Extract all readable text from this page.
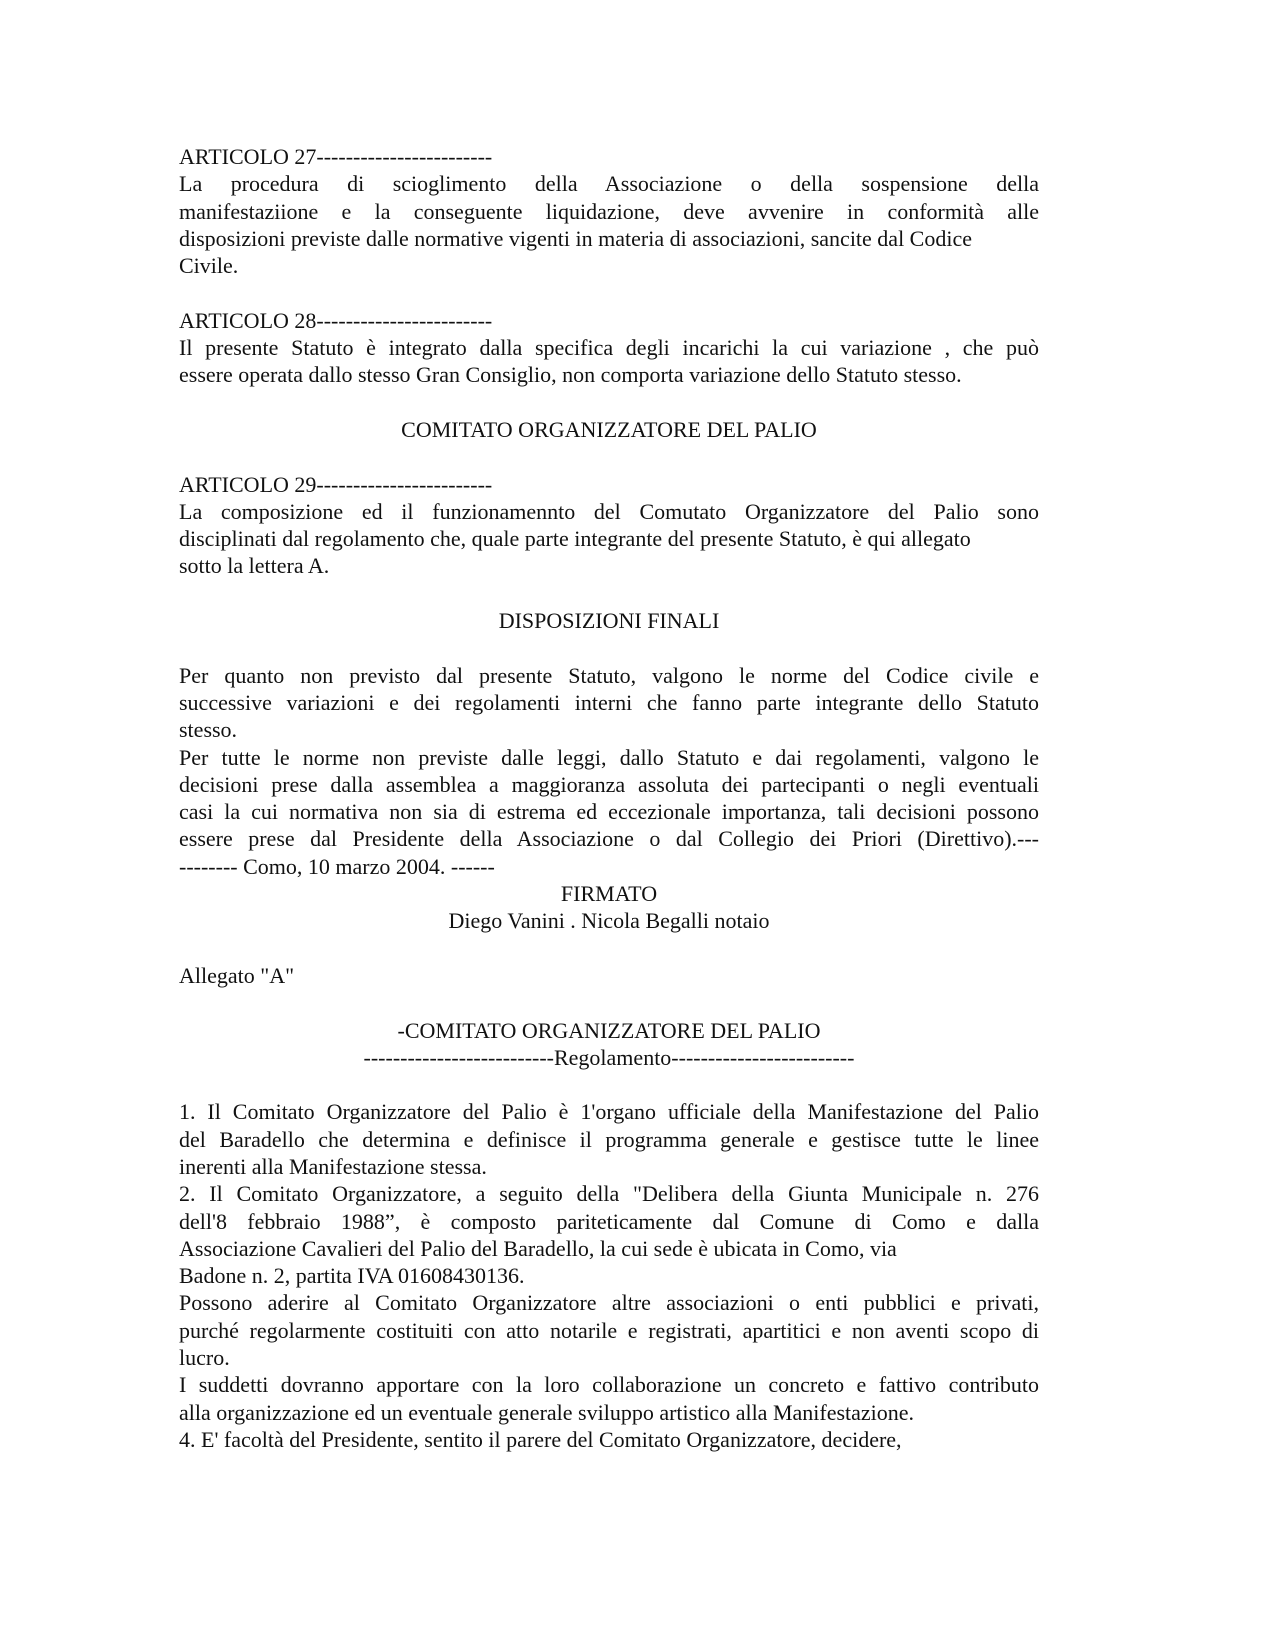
ARTICOLO 27------------------------
La procedura di scioglimento della Associazione o della sospensione della
manifestaziione e la conseguente liquidazione, deve avvenire in conformità alle
disposizioni previste dalle normative vigenti in materia di associazioni, sancite dal Codice
Civile.
ARTICOLO 28------------------------
Il presente Statuto è integrato dalla specifica degli incarichi la cui variazione , che può
essere operata dallo stesso Gran Consiglio, non comporta variazione dello Statuto stesso.
COMITATO ORGANIZZATORE DEL PALIO
ARTICOLO 29------------------------
La composizione ed il funzionamennto del Comutato Organizzatore del Palio sono
disciplinati dal regolamento che, quale parte integrante del presente Statuto, è qui allegato
sotto la lettera A.
DISPOSIZIONI FINALI
Per quanto non previsto dal presente Statuto, valgono le norme del Codice civile e
successive variazioni e dei regolamenti interni che fanno parte integrante dello Statuto
stesso.
Per tutte le norme non previste dalle leggi, dallo Statuto e dai regolamenti, valgono le
decisioni prese dalla assemblea a maggioranza assoluta dei partecipanti o negli eventuali
casi la cui normativa non sia di estrema ed eccezionale importanza, tali decisioni possono
essere prese dal Presidente della Associazione o dal Collegio dei Priori (Direttivo).---
-------- Como, 10 marzo 2004. ------
FIRMATO
Diego Vanini . Nicola Begalli notaio
Allegato "A"
-COMITATO ORGANIZZATORE DEL PALIO
--------------------------Regolamento-------------------------
1. Il Comitato Organizzatore del Palio è 1'organo ufficiale della Manifestazione del Palio
del Baradello che determina e definisce il programma generale e gestisce tutte le linee
inerenti alla Manifestazione stessa.
2. Il Comitato Organizzatore, a seguito della "Delibera della Giunta Municipale n. 276
dell'8 febbraio 1988”, è composto pariteticamente dal Comune di Como e dalla
Associazione Cavalieri del Palio del Baradello, la cui sede è ubicata in Como, via
Badone n. 2, partita IVA 01608430136.
Possono aderire al Comitato Organizzatore altre associazioni o enti pubblici e privati,
purché regolarmente costituiti con atto notarile e registrati, apartitici e non aventi scopo di
lucro.
I suddetti dovranno apportare con la loro collaborazione un concreto e fattivo contributo
alla organizzazione ed un eventuale generale sviluppo artistico alla Manifestazione.
4. E' facoltà del Presidente, sentito il parere del Comitato Organizzatore, decidere,
